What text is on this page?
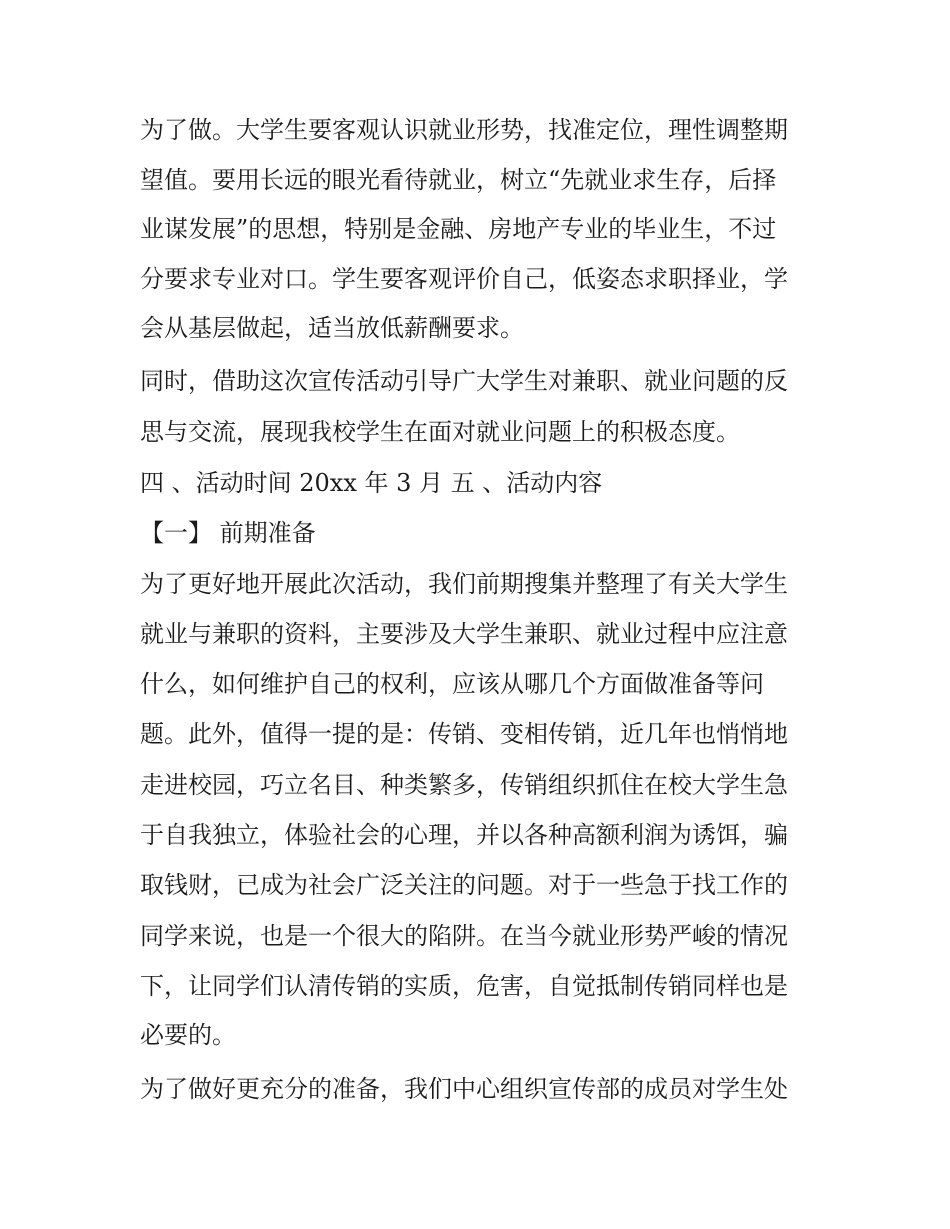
为了做。大学生要客观认识就业形势，找准定位，理性调整期
望值。要用长远的眼光看待就业，树立“先就业求生存，后择
业谋发展”的思想，特别是金融、房地产专业的毕业生，不过
分要求专业对口。学生要客观评价自己，低姿态求职择业，学
会从基层做起，适当放低薪酬要求。
同时，借助这次宣传活动引导广大学生对兼职、就业问题的反
思与交流，展现我校学生在面对就业问题上的积极态度。
四 、活动时间 20xx 年 3 月 五 、活动内容
【一】 前期准备
为了更好地开展此次活动，我们前期搜集并整理了有关大学生
就业与兼职的资料，主要涉及大学生兼职、就业过程中应注意
什么，如何维护自己的权利，应该从哪几个方面做准备等问
题。此外，值得一提的是：传销、变相传销，近几年也悄悄地
走进校园，巧立名目、种类繁多，传销组织抓住在校大学生急
于自我独立，体验社会的心理，并以各种高额利润为诱饵，骗
取钱财，已成为社会广泛关注的问题。对于一些急于找工作的
同学来说，也是一个很大的陷阱。在当今就业形势严峻的情况
下，让同学们认清传销的实质，危害，自觉抵制传销同样也是
必要的。
为了做好更充分的准备，我们中心组织宣传部的成员对学生处
